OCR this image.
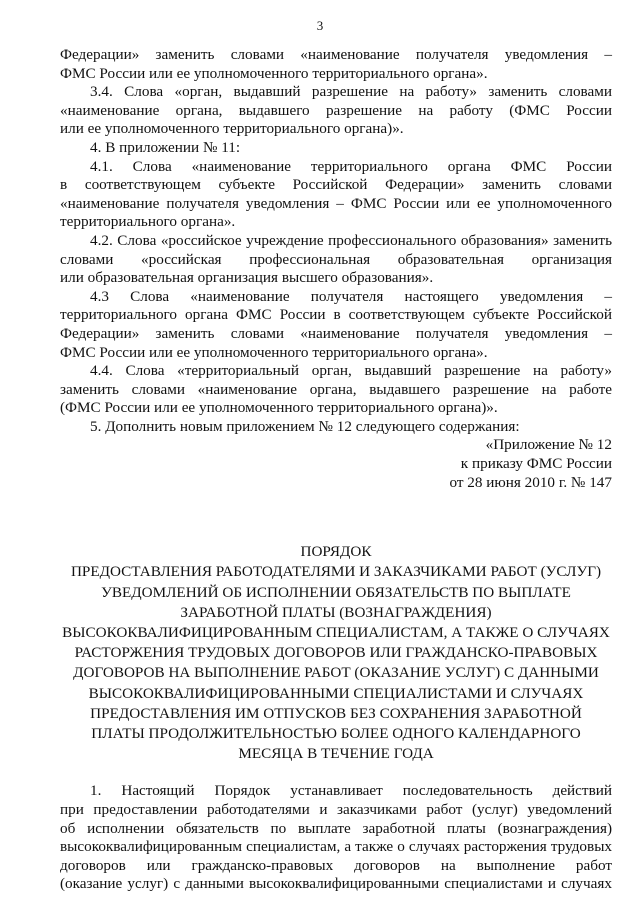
3

Федерации» заменить словами «наименование получателя уведомления –
ФМС России или ее уполномоченного территориального органа».

3.4. Слова «орган, выдавший разрешение на работу» заменить словами
«наименование органа, выдавшего разрешение на работу (ФМС России
или ее уполномоченного территориального органа)».

4. В приложении № 11:

4.1. Слова «наименование территориального органа ФМС России
в соответствующем субъекте Российской Федерации» заменить словами
«наименование получателя уведомления – ФМС России или ее уполномоченного
территориального органа».

4.2. Слова «российское учреждение профессионального образования» заменить
словами «российская профессиональная образовательная организация
или образовательная организация высшего образования».

4.3 Слова «наименование получателя настоящего уведомления –
территориального органа ФМС России в соответствующем субъекте Российской
Федерации» заменить словами «наименование получателя уведомления –
ФМС России или ее уполномоченного территориального органа».

4.4. Слова «территориальный орган, выдавший разрешение на работу»
заменить словами «наименование органа, выдавшего разрешение на работе
(ФМС России или ее уполномоченного территориального органа)».

5. Дополнить новым приложением № 12 следующего содержания:

«Приложение № 12
к приказу ФМС России
от 28 июня 2010 г. № 147
ПОРЯДОК
ПРЕДОСТАВЛЕНИЯ РАБОТОДАТЕЛЯМИ И ЗАКАЗЧИКАМИ РАБОТ (УСЛУГ)
УВЕДОМЛЕНИЙ ОБ ИСПОЛНЕНИИ ОБЯЗАТЕЛЬСТВ ПО ВЫПЛАТЕ
ЗАРАБОТНОЙ ПЛАТЫ (ВОЗНАГРАЖДЕНИЯ)
ВЫСОКОКВАЛИФИЦИРОВАННЫМ СПЕЦИАЛИСТАМ, А ТАКЖЕ О СЛУЧАЯХ
РАСТОРЖЕНИЯ ТРУДОВЫХ ДОГОВОРОВ ИЛИ ГРАЖДАНСКО-ПРАВОВЫХ
ДОГОВОРОВ НА ВЫПОЛНЕНИЕ РАБОТ (ОКАЗАНИЕ УСЛУГ) С ДАННЫМИ
ВЫСОКОКВАЛИФИЦИРОВАННЫМИ СПЕЦИАЛИСТАМИ И СЛУЧАЯХ
ПРЕДОСТАВЛЕНИЯ ИМ ОТПУСКОВ БЕЗ СОХРАНЕНИЯ ЗАРАБОТНОЙ
ПЛАТЫ ПРОДОЛЖИТЕЛЬНОСТЬЮ БОЛЕЕ ОДНОГО КАЛЕНДАРНОГО
МЕСЯЦА В ТЕЧЕНИЕ ГОДА

1. Настоящий Порядок устанавливает последовательность действий
при предоставлении работодателями и заказчиками работ (услуг) уведомлений
об исполнении обязательств по выплате заработной платы (вознаграждения)
высококвалифицированным специалистам, а также о случаях расторжения трудовых
договоров или гражданско-правовых договоров на выполнение работ
(оказание услуг) с данными высококвалифицированными специалистами и случаях
